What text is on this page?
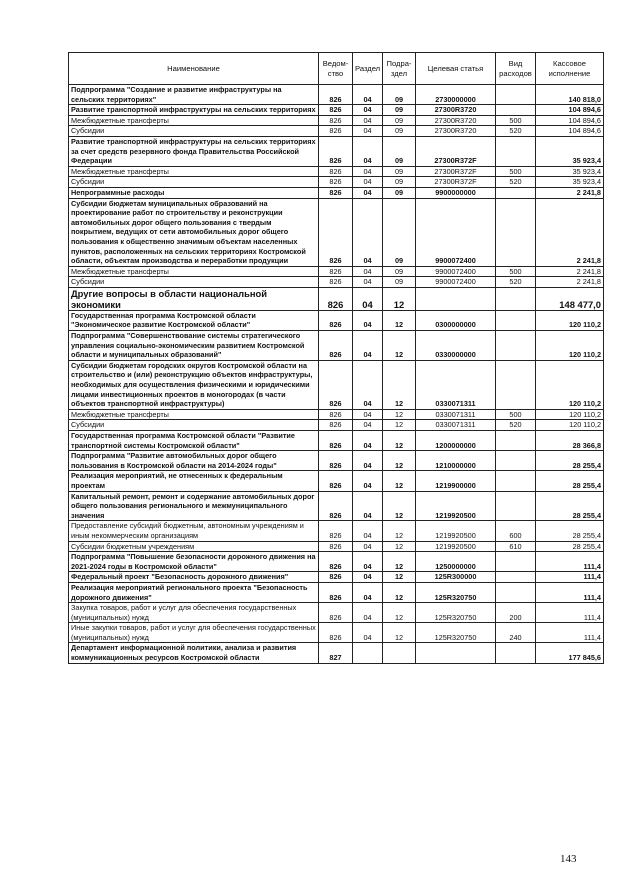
Наименование	Ведом-ство	Раздел	Подра-здел	Целевая статья	Вид расходов	Кассовое исполнение
Подпрограмма "Создание и развитие инфраструктуры на сельских территориях"	826	04	09	2730000000		140 818,0
Развитие транспортной инфраструктуры на сельских территориях	826	04	09	27300R3720		104 894,6
Межбюджетные трансферты	826	04	09	27300R3720	500	104 894,6
Субсидии	826	04	09	27300R3720	520	104 894,6
Развитие транспортной инфраструктуры на сельских территориях за счет средств резервного фонда Правительства Российской Федерации	826	04	09	27300R372F		35 923,4
Межбюджетные трансферты	826	04	09	27300R372F	500	35 923,4
Субсидии	826	04	09	27300R372F	520	35 923,4
Непрограммные расходы	826	04	09	9900000000		2 241,8
Субсидии бюджетам муниципальных образований на проектирование работ по строительству и реконструкции автомобильных дорог общего пользования с твердым покрытием, ведущих от сети автомобильных дорог общего пользования к общественно значимым объектам населенных пунктов, расположенных на сельских территориях Костромской области, объектам производства и переработки продукции	826	04	09	9900072400		2 241,8
Межбюджетные трансферты	826	04	09	9900072400	500	2 241,8
Субсидии	826	04	09	9900072400	520	2 241,8
Другие вопросы в области национальной экономики	826	04	12			148 477,0
Государственная программа Костромской области "Экономическое развитие Костромской области"	826	04	12	0300000000		120 110,2
Подпрограмма "Совершенствование системы стратегического управления социально-экономическим развитием Костромской области и муниципальных образований"	826	04	12	0330000000		120 110,2
Субсидии бюджетам городских округов Костромской области на строительство и (или) реконструкцию объектов инфраструктуры, необходимых для осуществления физическими и юридическими лицами инвестиционных проектов в моногородах (в части объектов транспортной инфраструктуры)	826	04	12	0330071311		120 110,2
Межбюджетные трансферты	826	04	12	0330071311	500	120 110,2
Субсидии	826	04	12	0330071311	520	120 110,2
Государственная программа Костромской области "Развитие транспортной системы Костромской области"	826	04	12	1200000000		28 366,8
Подпрограмма "Развитие автомобильных дорог общего пользования в Костромской области на 2014-2024 годы"	826	04	12	1210000000		28 255,4
Реализация мероприятий, не отнесенных к федеральным проектам	826	04	12	1219900000		28 255,4
Капитальный ремонт, ремонт и содержание автомобильных дорог общего пользования регионального и межмуниципального значения	826	04	12	1219920500		28 255,4
Предоставление субсидий бюджетным, автономным учреждениям и иным некоммерческим организациям	826	04	12	1219920500	600	28 255,4
Субсидии бюджетным учреждениям	826	04	12	1219920500	610	28 255,4
Подпрограмма "Повышение безопасности дорожного движения на 2021-2024 годы в Костромской области"	826	04	12	1250000000		111,4
Федеральный проект "Безопасность дорожного движения"	826	04	12	125R300000		111,4
Реализация мероприятий регионального проекта "Безопасность дорожного движения"	826	04	12	125R320750		111,4
Закупка товаров, работ и услуг для обеспечения государственных (муниципальных) нужд	826	04	12	125R320750	200	111,4
Иные закупки товаров, работ и услуг для обеспечения государственных (муниципальных) нужд	826	04	12	125R320750	240	111,4
Департамент информационной политики, анализа и развития коммуникационных ресурсов Костромской области	827					177 845,6
143
